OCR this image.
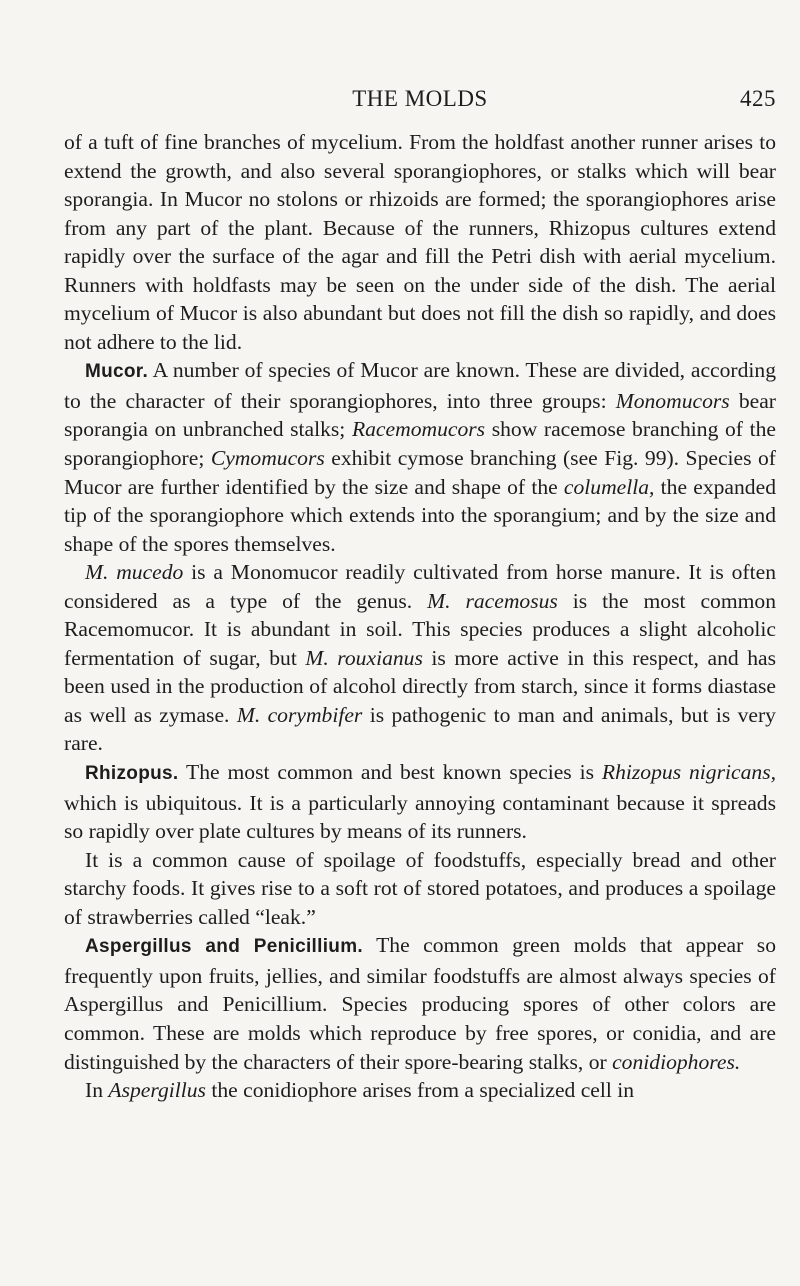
THE MOLDS	425

of a tuft of fine branches of mycelium. From the holdfast another runner arises to extend the growth, and also several sporangiophores, or stalks which will bear sporangia. In Mucor no stolons or rhizoids are formed; the sporangiophores arise from any part of the plant. Because of the runners, Rhizopus cultures extend rapidly over the surface of the agar and fill the Petri dish with aerial mycelium. Runners with holdfasts may be seen on the under side of the dish. The aerial mycelium of Mucor is also abundant but does not fill the dish so rapidly, and does not adhere to the lid.

Mucor. A number of species of Mucor are known. These are divided, according to the character of their sporangiophores, into three groups: Monomucors bear sporangia on unbranched stalks; Racemomucors show racemose branching of the sporangiophore; Cymomucors exhibit cymose branching (see Fig. 99). Species of Mucor are further identified by the size and shape of the columella, the expanded tip of the sporangiophore which extends into the sporangium; and by the size and shape of the spores themselves.

M. mucedo is a Monomucor readily cultivated from horse manure. It is often considered as a type of the genus. M. racemosus is the most common Racemomucor. It is abundant in soil. This species produces a slight alcoholic fermentation of sugar, but M. rouxianus is more active in this respect, and has been used in the production of alcohol directly from starch, since it forms diastase as well as zymase. M. corymbifer is pathogenic to man and animals, but is very rare.

Rhizopus. The most common and best known species is Rhizopus nigricans, which is ubiquitous. It is a particularly annoying contaminant because it spreads so rapidly over plate cultures by means of its runners.

It is a common cause of spoilage of foodstuffs, especially bread and other starchy foods. It gives rise to a soft rot of stored potatoes, and produces a spoilage of strawberries called “leak.”

Aspergillus and Penicillium. The common green molds that appear so frequently upon fruits, jellies, and similar foodstuffs are almost always species of Aspergillus and Penicillium. Species producing spores of other colors are common. These are molds which reproduce by free spores, or conidia, and are distinguished by the characters of their spore-bearing stalks, or conidiophores.

In Aspergillus the conidiophore arises from a specialized cell in
